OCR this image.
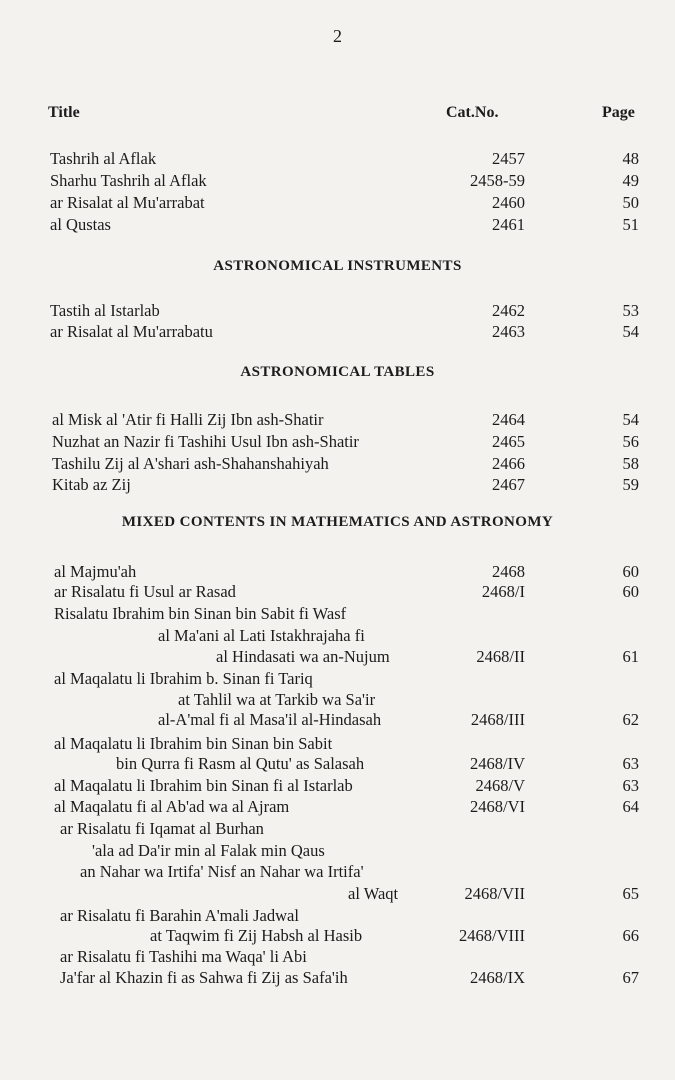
2
Title	Cat.No.	Page
Tashrih al Aflak	2457	48
Sharhu Tashrih al Aflak	2458-59	49
ar Risalat al Mu'arrabat	2460	50
al Qustas	2461	51
ASTRONOMICAL INSTRUMENTS
Tastih al Istarlab	2462	53
ar Risalat al Mu'arrabatu	2463	54
ASTRONOMICAL TABLES
al Misk al 'Atir fi Halli Zij Ibn ash-Shatir	2464	54
Nuzhat an Nazir fi Tashihi Usul Ibn ash-Shatir	2465	56
Tashilu Zij al A'shari ash-Shahanshahiyah	2466	58
Kitab az Zij	2467	59
MIXED CONTENTS IN MATHEMATICS AND ASTRONOMY
al Majmu'ah	2468	60
ar Risalatu fi Usul ar Rasad	2468/I	60
Risalatu Ibrahim bin Sinan bin Sabit fi Wasf
al Ma'ani al Lati Istakhrajaha fi
al Hindasati wa an-Nujum	2468/II	61
al Maqalatu li Ibrahim b. Sinan fi Tariq
at Tahlil wa at Tarkib wa Sa'ir
al-A'mal fi al Masa'il al-Hindasah	2468/III	62
al Maqalatu li Ibrahim bin Sinan bin Sabit
bin Qurra fi Rasm al Qutu' as Salasah	2468/IV	63
al Maqalatu li Ibrahim bin Sinan fi al Istarlab	2468/V	63
al Maqalatu fi al Ab'ad wa al Ajram	2468/VI	64
ar Risalatu fi Iqamat al Burhan
'ala ad Da'ir min al Falak min Qaus
an Nahar wa Irtifa' Nisf an Nahar wa Irtifa'
al Waqt	2468/VII	65
ar Risalatu fi Barahin A'mali Jadwal
at Taqwim fi Zij Habsh al Hasib	2468/VIII	66
ar Risalatu fi Tashihi ma Waqa' li Abi
Ja'far al Khazin fi as Sahwa fi Zij as Safa'ih	2468/IX	67
